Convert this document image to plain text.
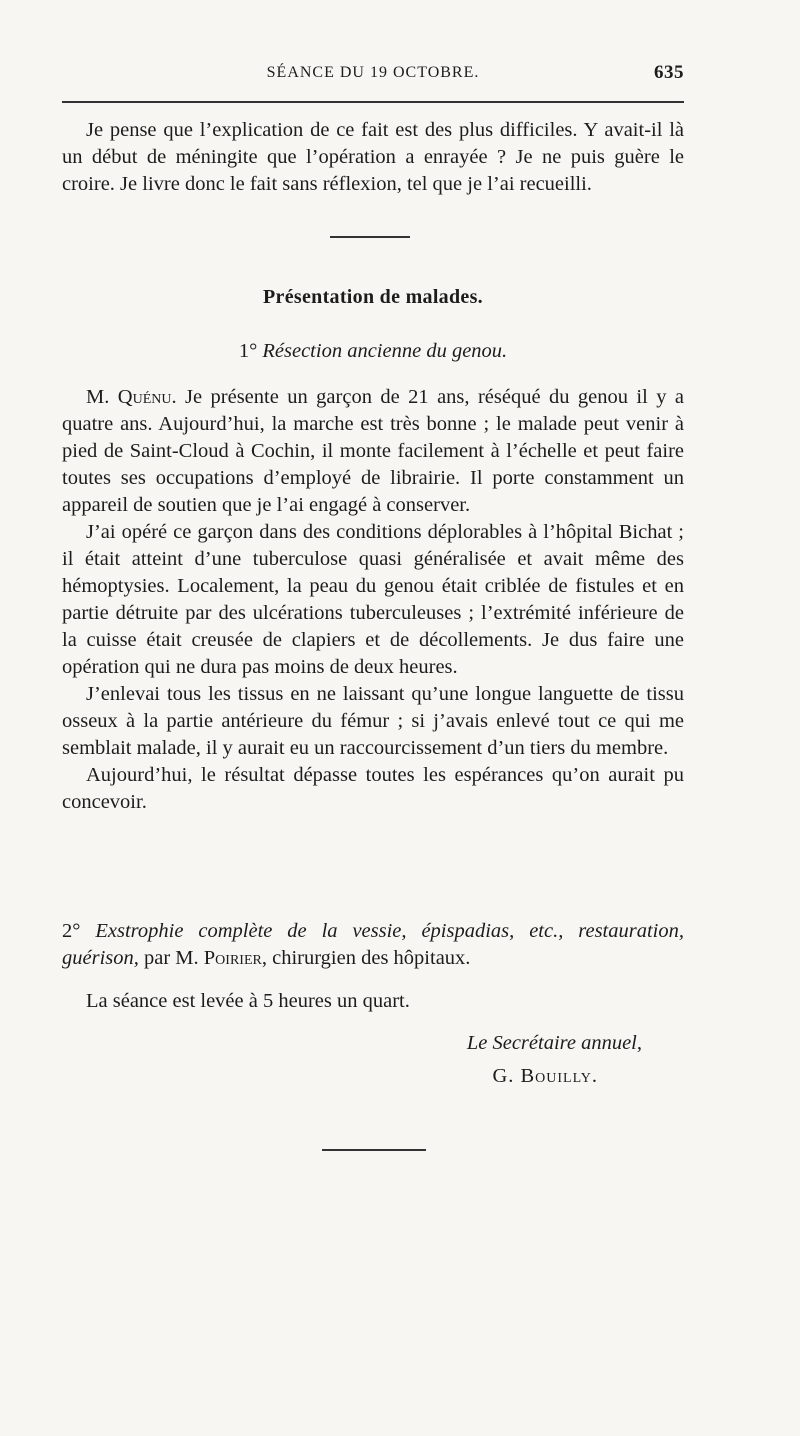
SÉANCE DU 19 OCTOBRE.	635

Je pense que l’explication de ce fait est des plus difficiles. Y avait-il là un début de méningite que l’opération a enrayée ? Je ne puis guère le croire. Je livre donc le fait sans réflexion, tel que je l’ai recueilli.

Présentation de malades.
1° Résection ancienne du genou.

M. Quénu. Je présente un garçon de 21 ans, réséqué du genou il y a quatre ans. Aujourd’hui, la marche est très bonne ; le malade peut venir à pied de Saint-Cloud à Cochin, il monte facilement à l’échelle et peut faire toutes ses occupations d’employé de librairie. Il porte constamment un appareil de soutien que je l’ai engagé à conserver.

J’ai opéré ce garçon dans des conditions déplorables à l’hôpital Bichat ; il était atteint d’une tuberculose quasi généralisée et avait même des hémoptysies. Localement, la peau du genou était criblée de fistules et en partie détruite par des ulcérations tuberculeuses ; l’extrémité inférieure de la cuisse était creusée de clapiers et de décollements. Je dus faire une opération qui ne dura pas moins de deux heures.

J’enlevai tous les tissus en ne laissant qu’une longue languette de tissu osseux à la partie antérieure du fémur ; si j’avais enlevé tout ce qui me semblait malade, il y aurait eu un raccourcissement d’un tiers du membre.

Aujourd’hui, le résultat dépasse toutes les espérances qu’on aurait pu concevoir.

2° Exstrophie complète de la vessie, épispadias, etc., restauration, guérison, par M. Poirier, chirurgien des hôpitaux.

La séance est levée à 5 heures un quart.
Le Secrétaire annuel,
G. Bouilly.
